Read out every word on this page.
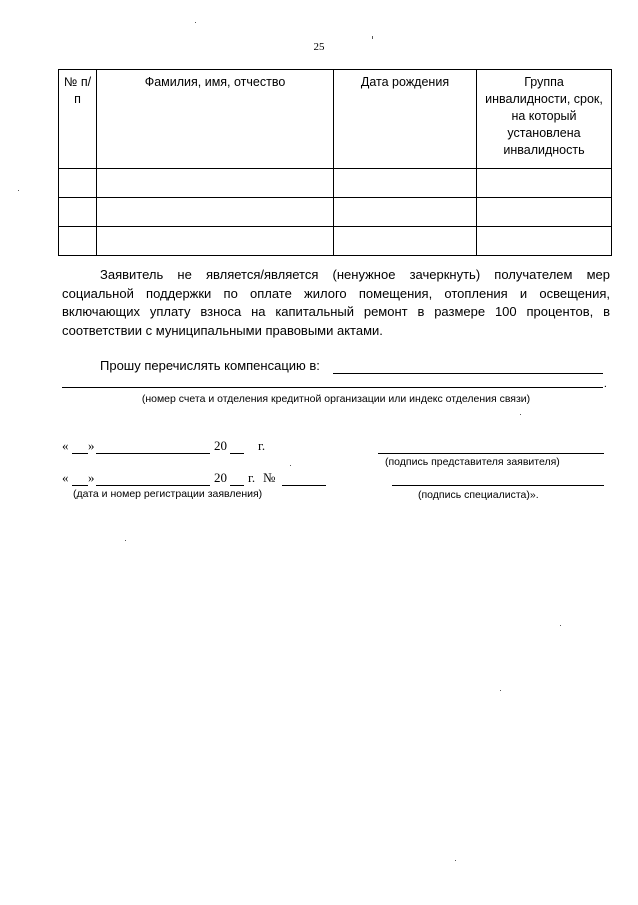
25
№ п/п	Фамилия, имя, отчество	Дата рождения	Группа инвалидности, срок, на который установлена инвалидность

Заявитель не является/является (ненужное зачеркнуть) получателем мер социальной поддержки по оплате жилого помещения, отопления и освещения, включающих уплату взноса на капитальный ремонт в размере 100 процентов, в соответствии с муниципальными правовыми актами.

Прошу перечислять компенсацию в:
.
(номер счета и отделения кредитной организации или индекс отделения связи)
« »	20 г.
« »	20 г. №
(дата и номер регистрации заявления)
(подпись представителя заявителя)
(подпись специалиста)».
